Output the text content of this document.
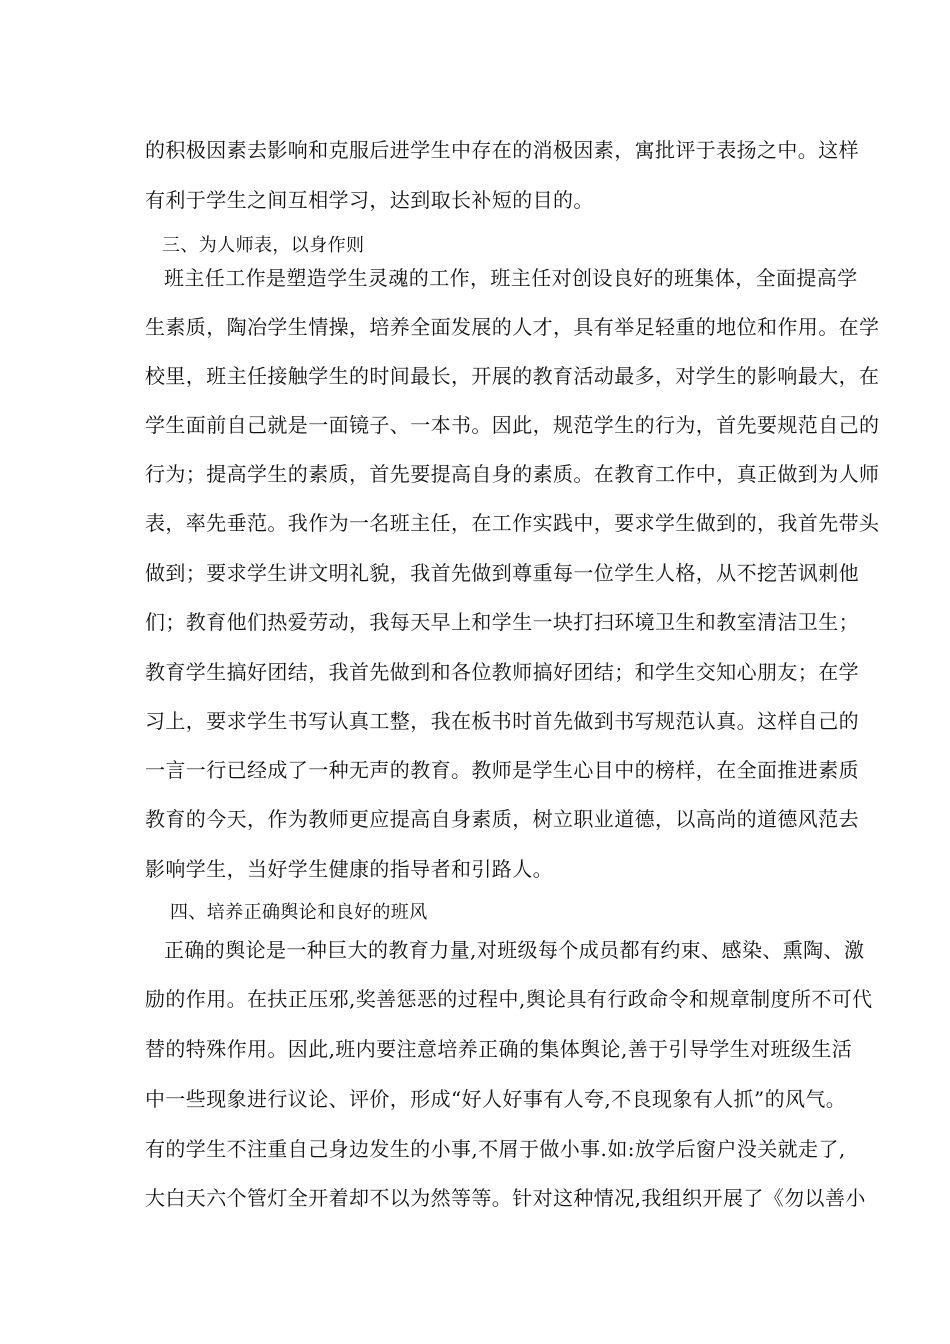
的积极因素去影响和克服后进学生中存在的消极因素，寓批评于表扬之中。这样
有利于学生之间互相学习，达到取长补短的目的。
三、为人师表，以身作则
班主任工作是塑造学生灵魂的工作，班主任对创设良好的班集体，全面提高学
生素质，陶冶学生情操，培养全面发展的人才，具有举足轻重的地位和作用。在学
校里，班主任接触学生的时间最长，开展的教育活动最多，对学生的影响最大，在
学生面前自己就是一面镜子、一本书。因此，规范学生的行为，首先要规范自己的
行为；提高学生的素质，首先要提高自身的素质。在教育工作中，真正做到为人师
表，率先垂范。我作为一名班主任，在工作实践中，要求学生做到的，我首先带头
做到；要求学生讲文明礼貌，我首先做到尊重每一位学生人格，从不挖苦讽刺他
们；教育他们热爱劳动，我每天早上和学生一块打扫环境卫生和教室清洁卫生；
教育学生搞好团结，我首先做到和各位教师搞好团结；和学生交知心朋友；在学
习上，要求学生书写认真工整，我在板书时首先做到书写规范认真。这样自己的
一言一行已经成了一种无声的教育。教师是学生心目中的榜样，在全面推进素质
教育的今天，作为教师更应提高自身素质，树立职业道德，以高尚的道德风范去
影响学生，当好学生健康的指导者和引路人。
四、培养正确舆论和良好的班风
正确的舆论是一种巨大的教育力量,对班级每个成员都有约束、感染、熏陶、激
励的作用。在扶正压邪,奖善惩恶的过程中,舆论具有行政命令和规章制度所不可代
替的特殊作用。因此,班内要注意培养正确的集体舆论,善于引导学生对班级生活
中一些现象进行议论、评价，形成“好人好事有人夸,不良现象有人抓”的风气。
有的学生不注重自己身边发生的小事,不屑于做小事.如:放学后窗户没关就走了,
大白天六个管灯全开着却不以为然等等。针对这种情况,我组织开展了《勿以善小
